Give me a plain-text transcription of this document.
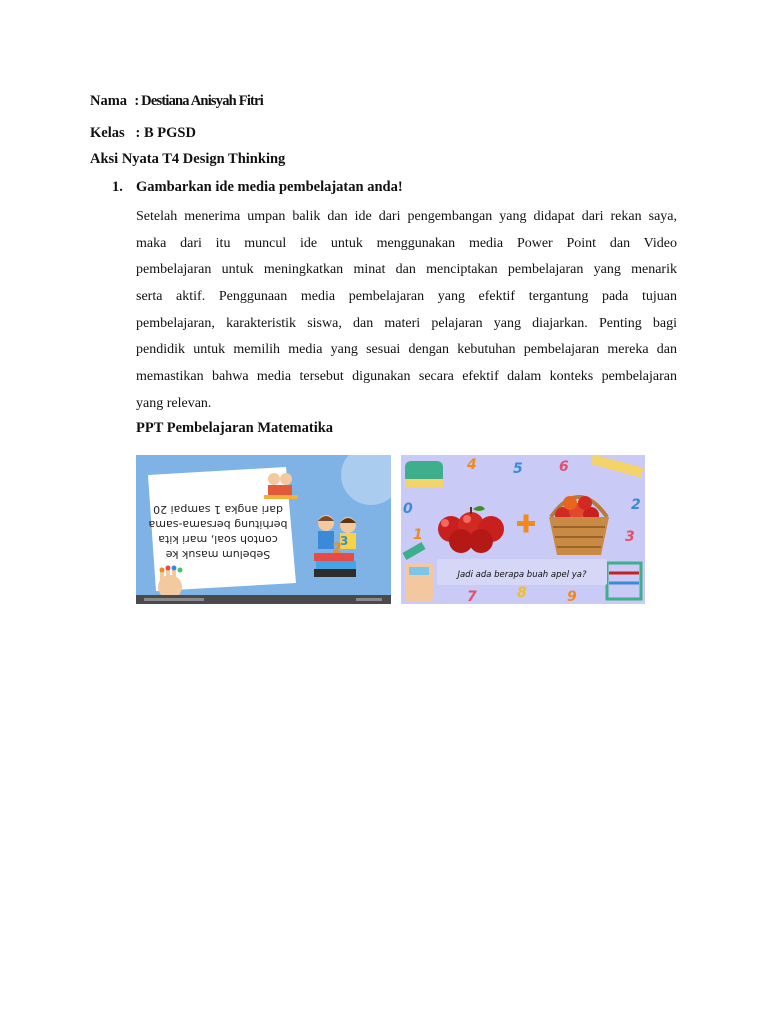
Nama : Destiana Anisyah Fitri
Kelas : B PGSD
Aksi Nyata T4 Design Thinking
1. Gambarkan ide media pembelajatan anda!
Setelah menerima umpan balik dan ide dari pengembangan yang didapat dari rekan saya,
maka dari itu muncul ide untuk menggunakan media Power Point dan Video
pembelajaran untuk meningkatkan minat dan menciptakan pembelajaran yang menarik
serta aktif. Penggunaan media pembelajaran yang efektif tergantung pada tujuan
pembelajaran, karakteristik siswa, dan materi pelajaran yang diajarkan. Penting bagi
pendidik untuk memilih media yang sesuai dengan kebutuhan pembelajaran mereka dan
memastikan bahwa media tersebut digunakan secara efektif dalam konteks pembelajaran
yang relevan.
PPT Pembelajaran Matematika
2
3
Sebelum masuk ke
contoh soal, mari kita
berhitung bersama-sama
dari angka 1 sampai 20
4	5	6
0
1
2
3
7	8	9
Jadi ada berapa buah apel ya?
